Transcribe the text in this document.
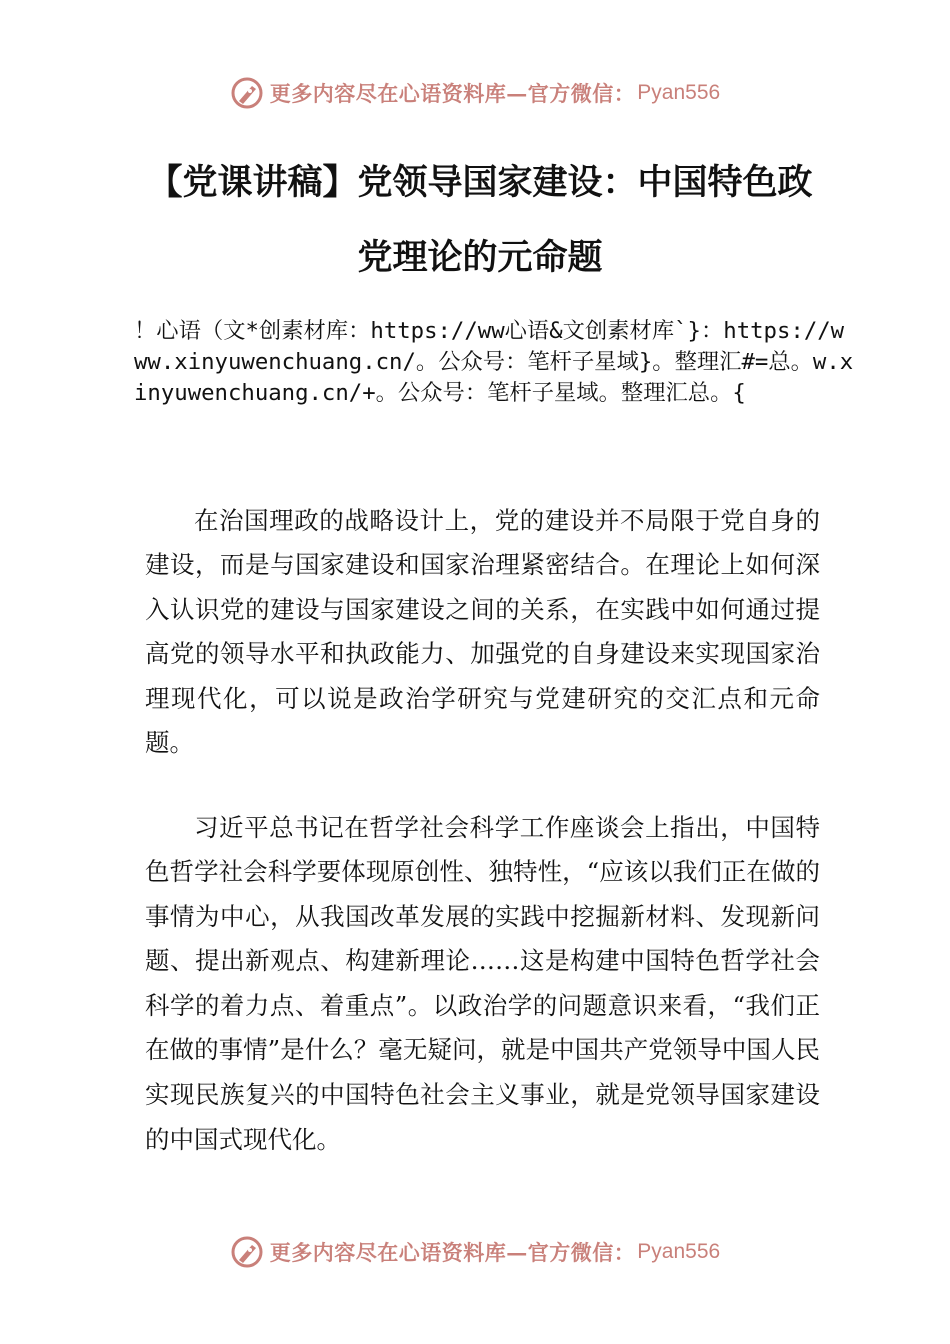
更多内容尽在心语资料库—官方微信： Pyan556
【党课讲稿】党领导国家建设：中国特色政
党理论的元命题
！心语（文*创素材库：https://ww心语&文创素材库`}：https://www.xinyuwenchuang.cn/。公众号：笔杆子星域}。整理汇#=总。w.xinyuwenchuang.cn/+。公众号：笔杆子星域。整理汇总。{

在治国理政的战略设计上，党的建设并不局限于党自身的建设，而是与国家建设和国家治理紧密结合。在理论上如何深入认识党的建设与国家建设之间的关系，在实践中如何通过提高党的领导水平和执政能力、加强党的自身建设来实现国家治理现代化，可以说是政治学研究与党建研究的交汇点和元命题。

习近平总书记在哲学社会科学工作座谈会上指出，中国特色哲学社会科学要体现原创性、独特性，“应该以我们正在做的事情为中心，从我国改革发展的实践中挖掘新材料、发现新问题、提出新观点、构建新理论……这是构建中国特色哲学社会科学的着力点、着重点”。以政治学的问题意识来看，“我们正在做的事情”是什么？毫无疑问，就是中国共产党领导中国人民实现民族复兴的中国特色社会主义事业，就是党领导国家建设的中国式现代化。

更多内容尽在心语资料库—官方微信： Pyan556
